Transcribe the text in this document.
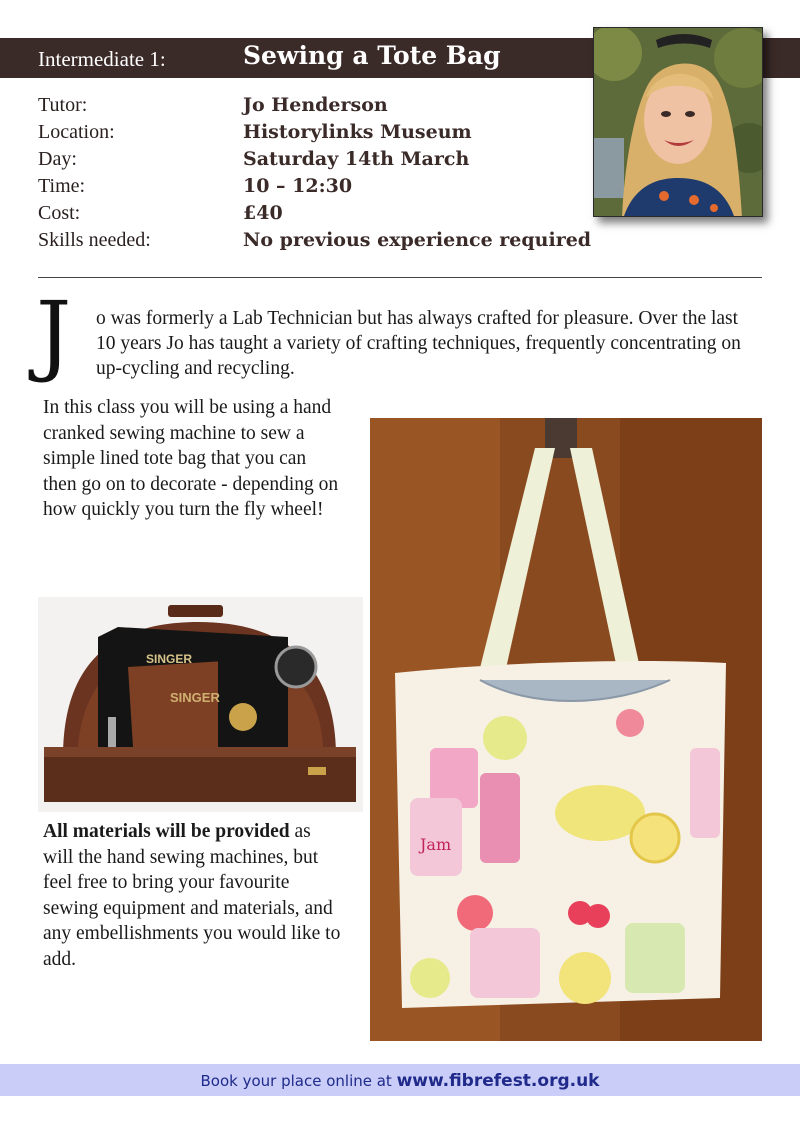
Intermediate 1:	Sewing a Tote Bag
Tutor:	Jo Henderson
Location:	Historylinks Museum
Day:	Saturday 14th March
Time:	10 – 12:30
Cost:	£40
Skills needed:	No previous experience required
J o was formerly a Lab Technician but has always crafted for pleasure. Over the last 10 years Jo has taught a variety of crafting techniques, frequently concentrating on up-cycling and recycling.
In this class you will be using a hand cranked sewing machine to sew a simple lined tote bag that you can then go on to decorate - depending on how quickly you turn the fly wheel!
SINGER
SINGER
Jam
All materials will be provided as will the hand sewing machines, but feel free to bring your favourite sewing equipment and materials, and any embellishments you would like to add.
Book your place online at www.fibrefest.org.uk
